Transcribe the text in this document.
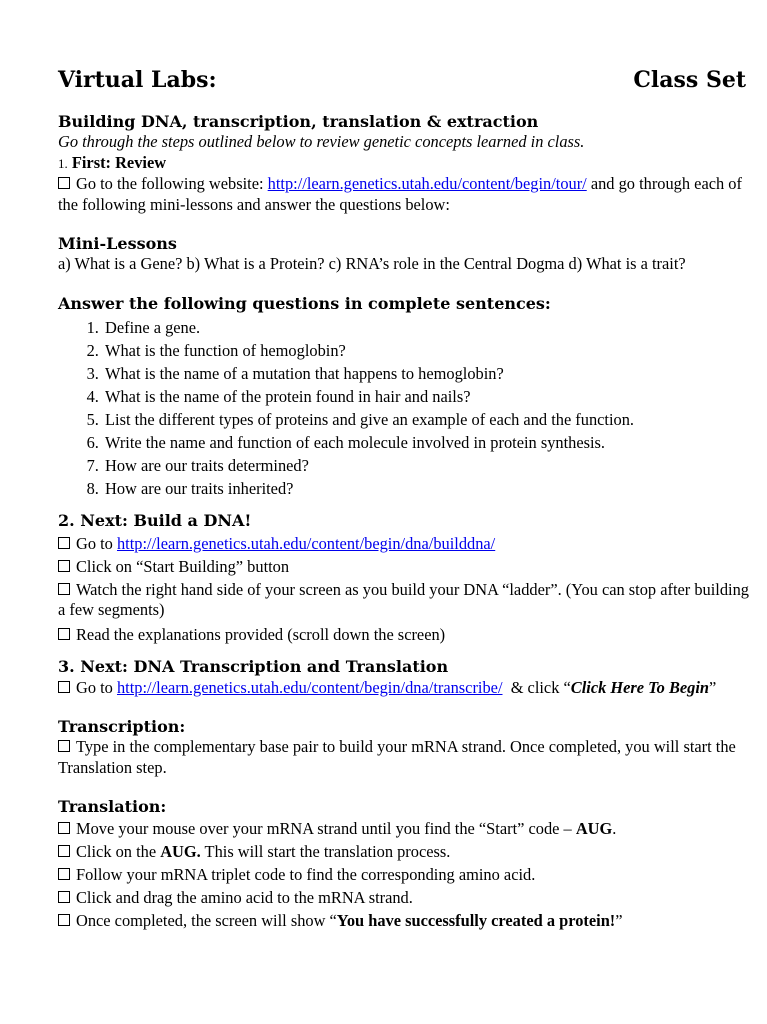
Virtual Labs:	Class Set
Building DNA, transcription, translation & extraction
Go through the steps outlined below to review genetic concepts learned in class.
1. First: Review
Go to the following website: http://learn.genetics.utah.edu/content/begin/tour/ and go through each of the following mini-lessons and answer the questions below:
Mini-Lessons
a) What is a Gene? b) What is a Protein? c) RNA’s role in the Central Dogma d) What is a trait?
Answer the following questions in complete sentences:
1. Define a gene.
2. What is the function of hemoglobin?
3. What is the name of a mutation that happens to hemoglobin?
4. What is the name of the protein found in hair and nails?
5. List the different types of proteins and give an example of each and the function.
6. Write the name and function of each molecule involved in protein synthesis.
7. How are our traits determined?
8. How are our traits inherited?
2. Next: Build a DNA!
Go to http://learn.genetics.utah.edu/content/begin/dna/builddna/
Click on “Start Building” button
Watch the right hand side of your screen as you build your DNA “ladder”. (You can stop after building a few segments)
Read the explanations provided (scroll down the screen)
3. Next: DNA Transcription and Translation
Go to http://learn.genetics.utah.edu/content/begin/dna/transcribe/  & click “Click Here To Begin”
Transcription:
Type in the complementary base pair to build your mRNA strand. Once completed, you will start the Translation step.
Translation:
Move your mouse over your mRNA strand until you find the “Start” code – AUG.
Click on the AUG. This will start the translation process.
Follow your mRNA triplet code to find the corresponding amino acid.
Click and drag the amino acid to the mRNA strand.
Once completed, the screen will show “You have successfully created a protein!”
